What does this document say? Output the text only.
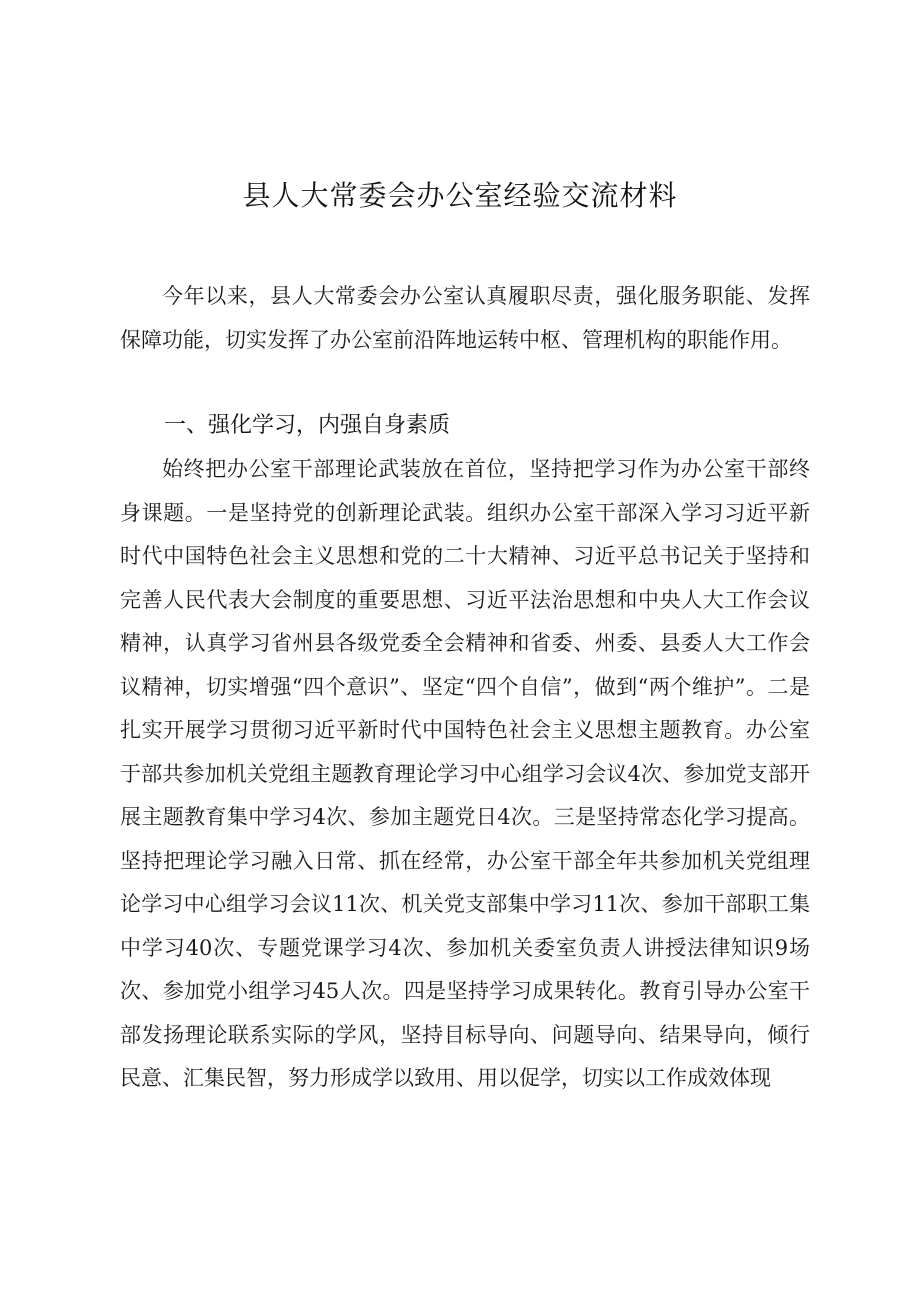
县人大常委会办公室经验交流材料

今年以来，县人大常委会办公室认真履职尽责，强化服务职能、发挥保障功能，切实发挥了办公室前沿阵地运转中枢、管理机构的职能作用。

一、强化学习，内强自身素质

始终把办公室干部理论武装放在首位，坚持把学习作为办公室干部终身课题。一是坚持党的创新理论武装。组织办公室干部深入学习习近平新时代中国特色社会主义思想和党的二十大精神、习近平总书记关于坚持和完善人民代表大会制度的重要思想、习近平法治思想和中央人大工作会议精神，认真学习省州县各级党委全会精神和省委、州委、县委人大工作会议精神，切实增强“四个意识”、坚定“四个自信”，做到“两个维护”。二是扎实开展学习贯彻习近平新时代中国特色社会主义思想主题教育。办公室于部共参加机关党组主题教育理论学习中心组学习会议4次、参加党支部开展主题教育集中学习4次、参加主题党日4次。三是坚持常态化学习提高。坚持把理论学习融入日常、抓在经常，办公室干部全年共参加机关党组理论学习中心组学习会议11次、机关党支部集中学习11次、参加干部职工集中学习40次、专题党课学习4次、参加机关委室负责人讲授法律知识9场次、参加党小组学习45人次。四是坚持学习成果转化。教育引导办公室干部发扬理论联系实际的学风，坚持目标导向、问题导向、结果导向，倾行民意、汇集民智，努力形成学以致用、用以促学，切实以工作成效体现
